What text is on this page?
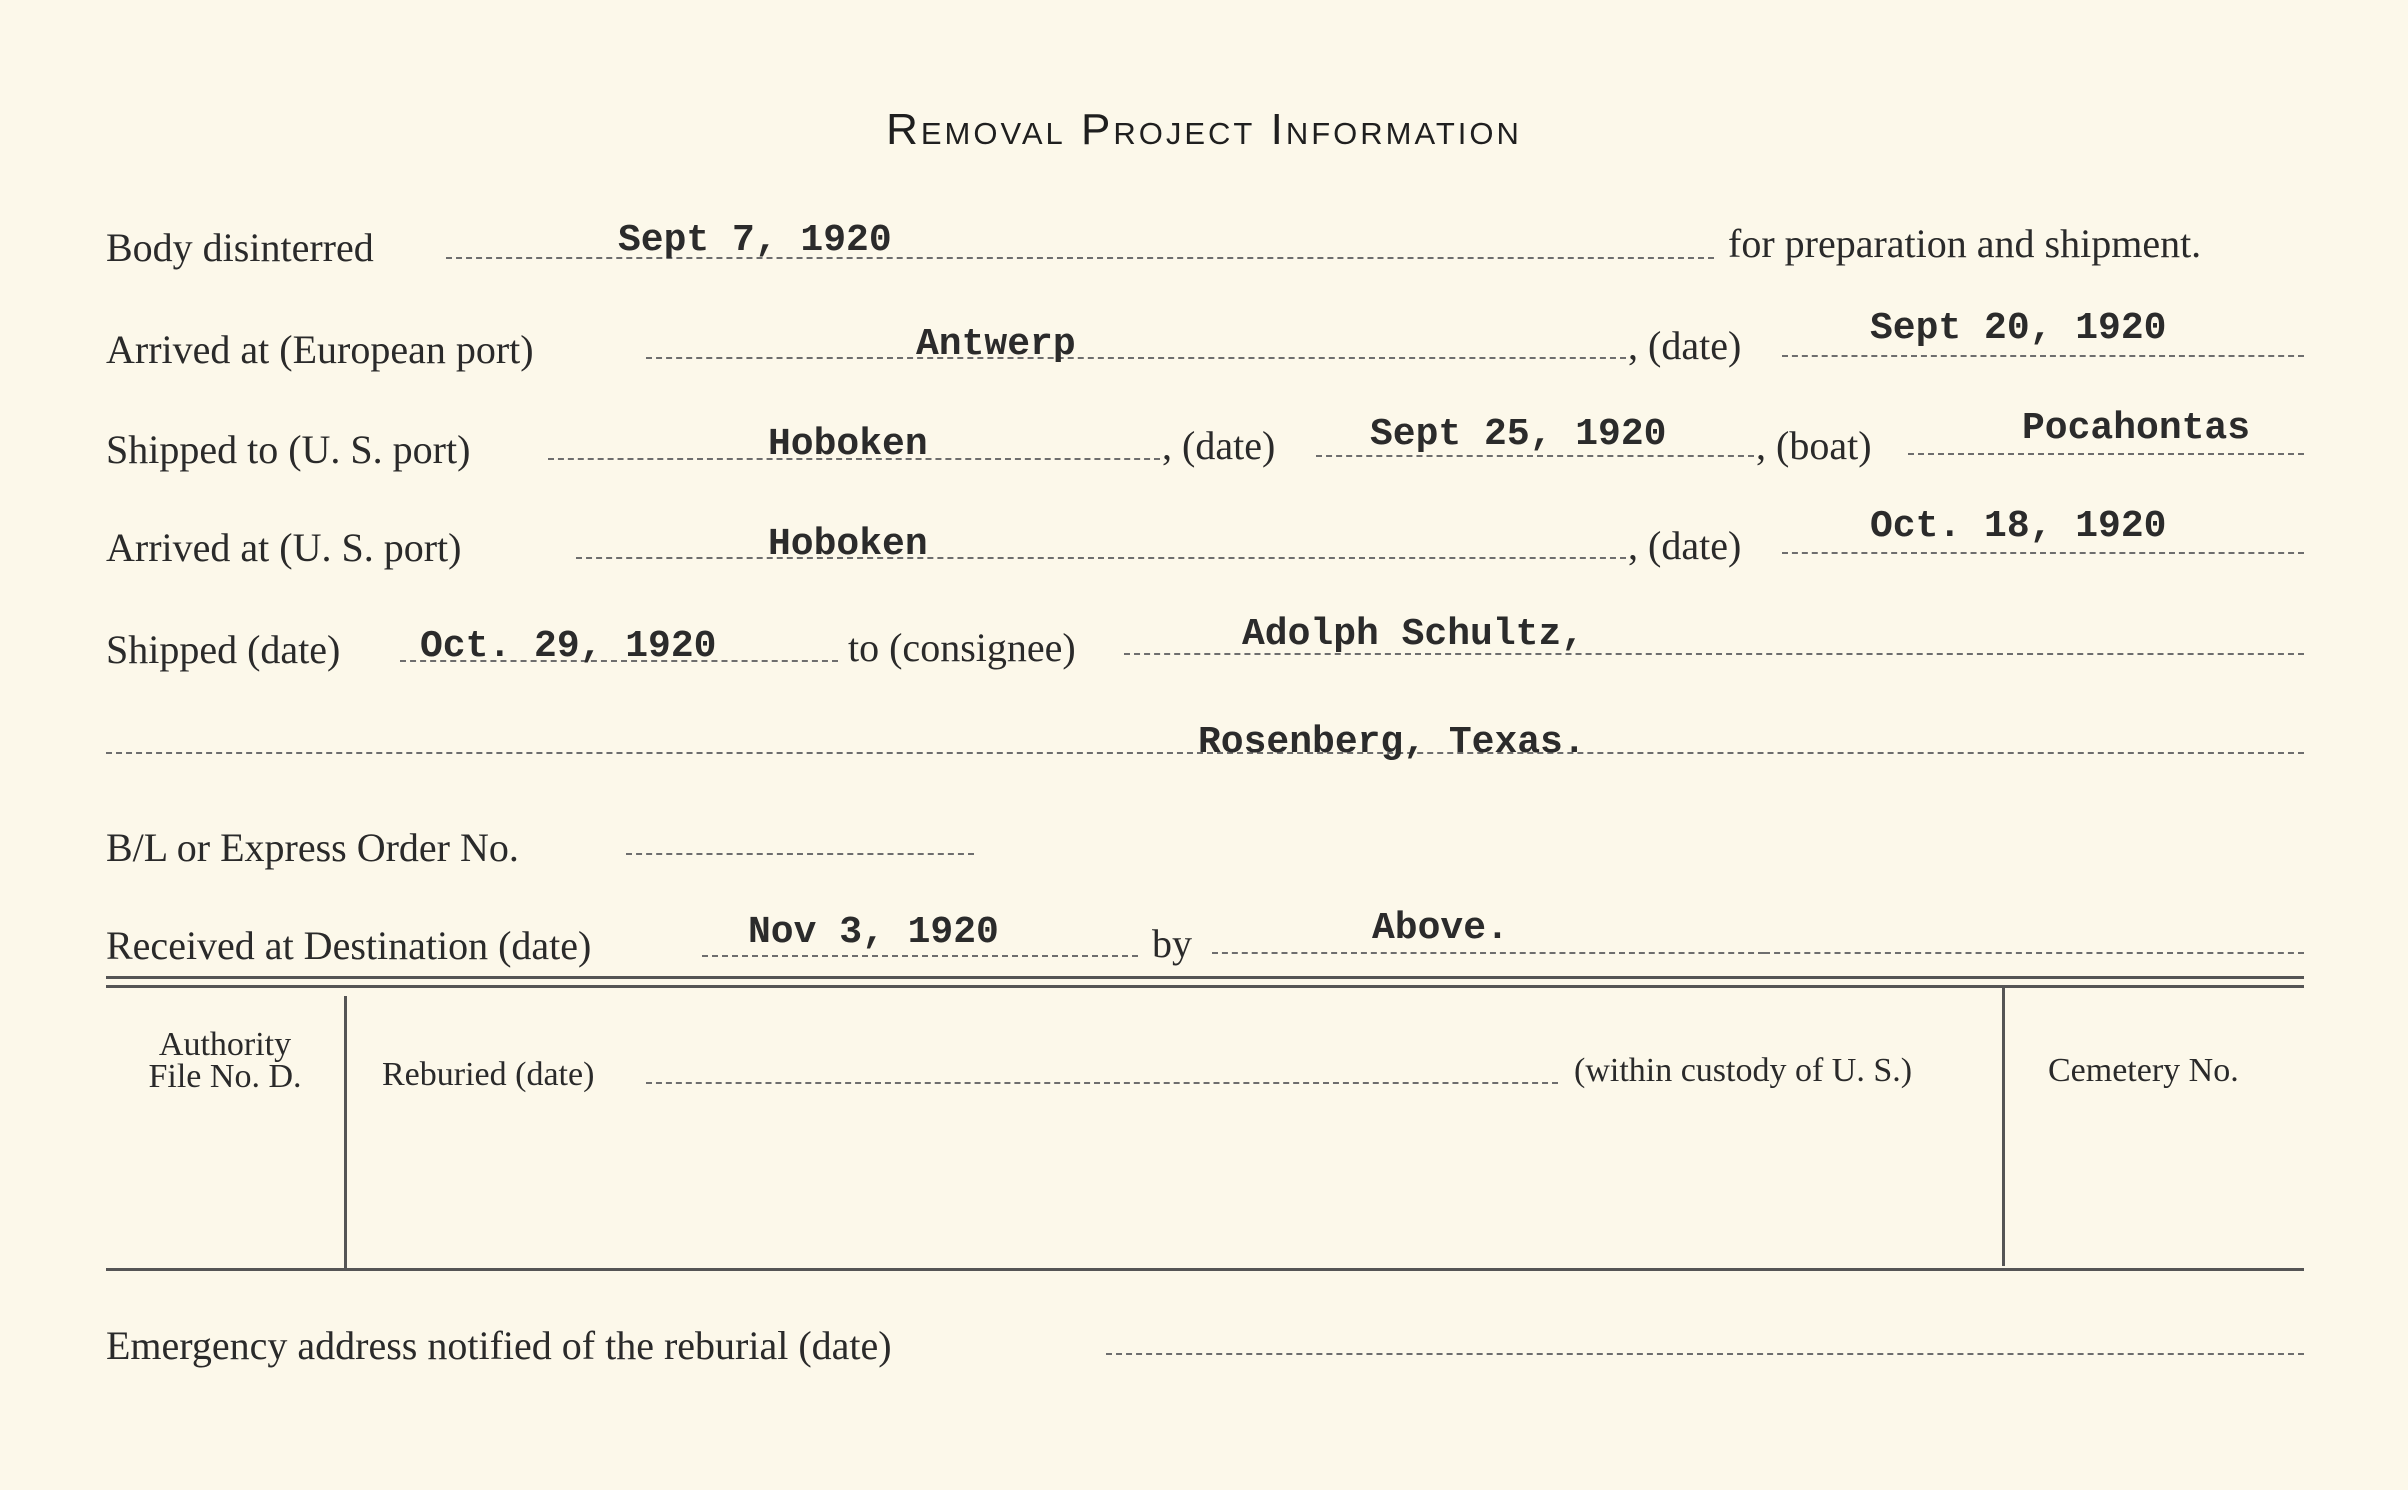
Removal Project Information
Body disinterred	Sept 7, 1920	for preparation and shipment.
Arrived at (European port)	Antwerp	, (date)	Sept 20, 1920
Shipped to (U. S. port)	Hoboken	, (date) Sept 25, 1920 , (boat)	Pocahontas
Arrived at (U. S. port)	Hoboken	, (date)	Oct. 18, 1920
Shipped (date) Oct. 29, 1920	to (consignee)	Adolph Schultz,
Rosenberg, Texas.
B/L or Express Order No.
Received at Destination (date)	Nov 3, 1920	by	Above.
Authority
File No. D.	Reburied (date)	(within custody of U. S.)	Cemetery No.
Emergency address notified of the reburial (date)
